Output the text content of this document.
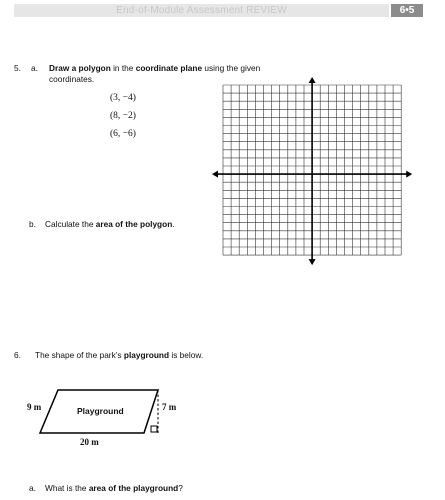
End-of-Module Assessment REVIEW	6•5
5. a. Draw a polygon in the coordinate plane using the given
coordinates.
(3, −4)
(8, −2)
(6, −6)
b. Calculate the area of the polygon.
6. The shape of the park’s playground is below.
9 m	7 m
Playground
20 m
a. What is the area of the playground?
